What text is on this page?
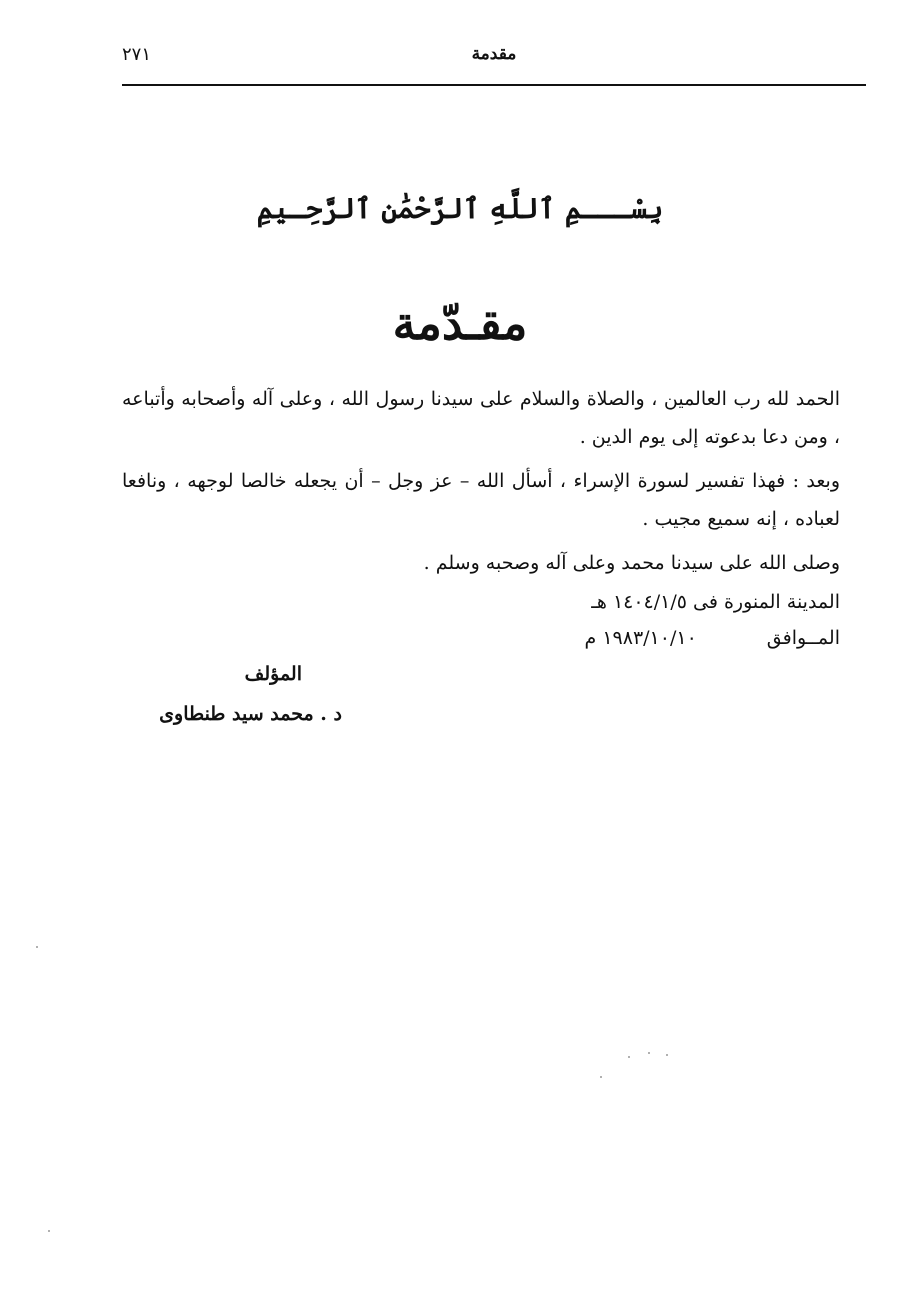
٢٧١	مقدمة
بِسْـــمِ ٱللَّهِ ٱلرَّحْمَٰنِ ٱلرَّحِـيمِ
مقـدّمة

الحمد لله رب العالمين ، والصلاة والسلام على سيدنا رسول الله ، وعلى آله وأصحابه وأتباعه ، ومن دعا بدعوته إلى يوم الدين .

وبعد : فهذا تفسير لسورة الإسراء ، أسأل الله – عز وجل – أن يجعله خالصا لوجهه ، ونافعا لعباده ، إنه سميع مجيب .

وصلى الله على سيدنا محمد وعلى آله وصحبه وسلم .

المدينة المنورة فى ١٤٠٤/١/٥ هـ
المــوافق١٩٨٣/١٠/١٠ م
المؤلف
د . محمد سيد طنطاوى
